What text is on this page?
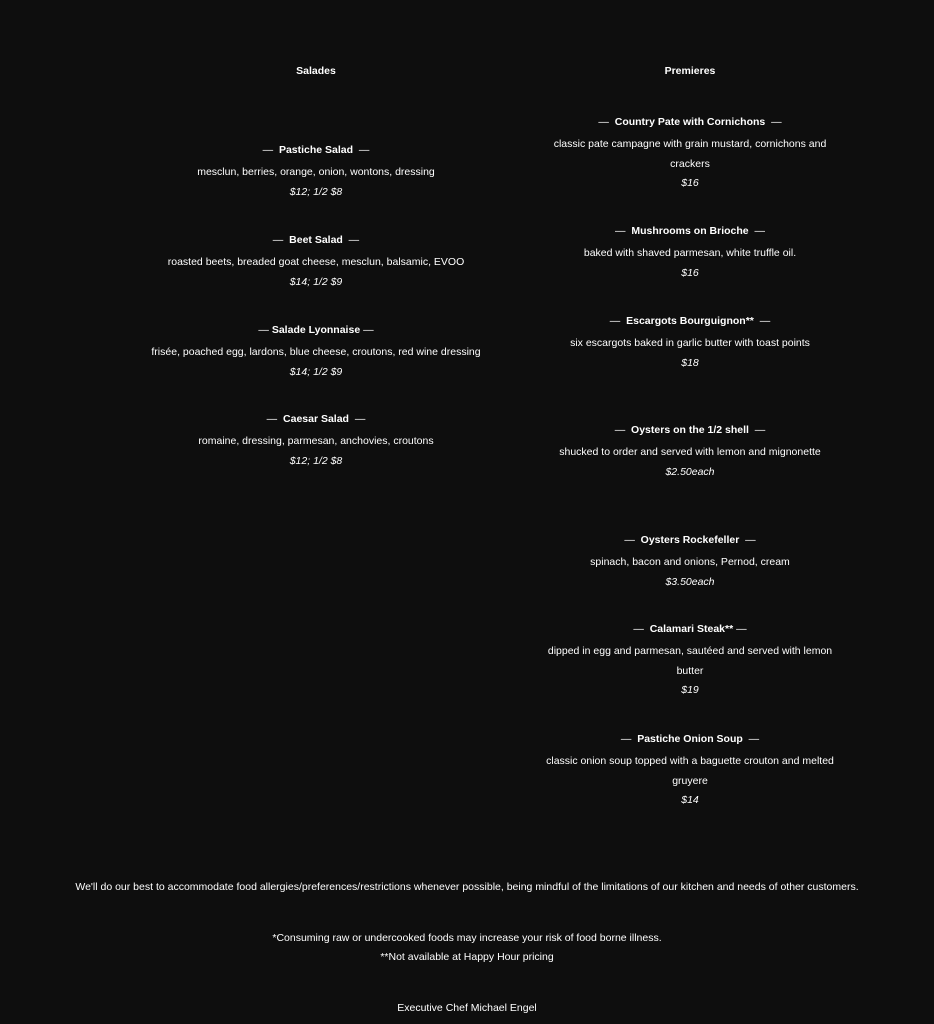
Salades
—  Pastiche Salad  —
mesclun, berries, orange, onion, wontons, dressing
$12; 1/2 $8
—  Beet Salad  —
roasted beets, breaded goat cheese, mesclun, balsamic, EVOO
$14; 1/2 $9
— Salade Lyonnaise —
frisée, poached egg, lardons, blue cheese, croutons, red wine dressing
$14; 1/2 $9
—  Caesar Salad  —
romaine, dressing, parmesan, anchovies, croutons
$12; 1/2 $8
Premieres
—  Country Pate with Cornichons  —
classic pate campagne with grain mustard, cornichons and crackers
$16
—  Mushrooms on Brioche  —
baked with shaved parmesan, white truffle oil.
$16
—  Escargots Bourguignon**  —
six escargots baked in garlic butter with toast points
$18
—  Oysters on the 1/2 shell  —
shucked to order and served with lemon and mignonette
$2.50each
—  Oysters Rockefeller  —
spinach, bacon and onions, Pernod, cream
$3.50each
—  Calamari Steak** —
dipped in egg and parmesan, sautéed and served with lemon butter
$19
—  Pastiche Onion Soup  —
classic onion soup topped with a baguette crouton and melted gruyere
$14

We'll do our best to accommodate food allergies/preferences/restrictions whenever possible, being mindful of the limitations of our kitchen and needs of other customers.

*Consuming raw or undercooked foods may increase your risk of food borne illness.

**Not available at Happy Hour pricing

Executive Chef Michael Engel
